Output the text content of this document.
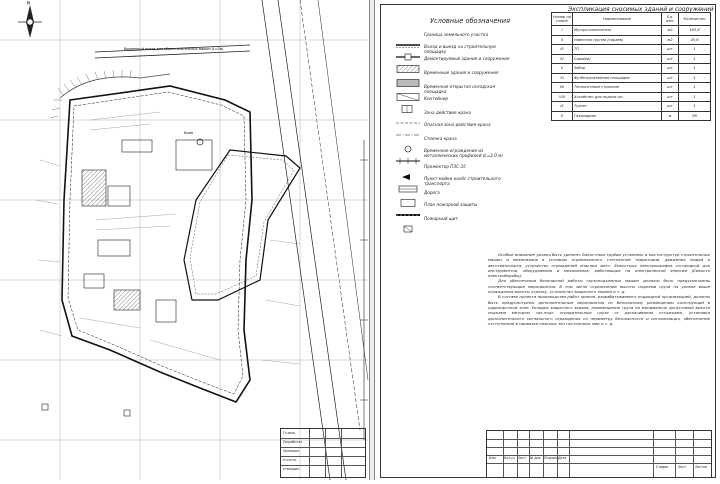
N
Временный въезд для общестроительных машин (L=5м)
Кран
Разработал
Проверил
Н.контр.
Утвердил
Гл.инж.
Условные обозначения
Граница земельного участка
Въезд и выезд на строительную площадку
Демонтируемые здания и сооружения
Временные здания и сооружения
Временная открытая складская площадка
Контейнер
Зона действия крана
Опасная зона действия крана
Стоянка крана
Временное ограждение из металлических профилей (L=2.0 м)
Прожектор ПЗС-35
Пункт мойки колёс строительного транспорта
Дорога
План пожарной защиты
Пожарный щит
Экспликация сносимых зданий и сооружений
Номер на плане	Наименование	Ед. изм.	Количество
I	Мусоро-накопитель	м2	183,8
II	Навесная группа (сараев)	м2	45,6
III	ТП	шт	1
IV	Сарай(и)	шт	1
V	Забор	шт	1
VI	Футбол/хоккейная площадка	шт	1
VII	Теплосетевое строение	шт	1
VIII	Хозяйство для подачи шт.	шт	1
IX	Туалет	шт	1
X	Газорадиан	м	99

Особые внимание уровня быть уделено Ёмкостным трубам установок и мостоструктур строительных машин и механизмов в условиях ограниченного стеснённой территории, движения людей и автотранспорта, устройству ограждений опасных мест. Ёмкостных электрошкафов отгородкой для инструментов, оборудования и механизмов, работающих на электрической энергии (Ёмкость электроборьбы).

Для обеспечения безопасной работы грузоподъемных машин должны быть предусмотрены соответствующие мероприятия. В том числе ограничение высоты подъема груза на уровне выше ограждения высоты отрезку, устройство защитного экрана и т. д.

В составе проекта производства работ кранов, разрабатываемого подрядной организацией, должны быть предусмотрены дополнительные мероприятия по безопасному размещению конструкций в ударопрочной зоне. Укладка защитного экрана, перемещение груза на минимально допустимой высоте подъема методом «из-под» оградительные груза от раскачивания оттяжками, установка дополнительного сигнального ограждения по периметру безопасности и сигнализация, обеспечение отступлений в привязке опасных зон постоянных мер и т. д.

Изм. Кол.уч Лист № док. Подпись Дата
Стадия	Лист	Листов
